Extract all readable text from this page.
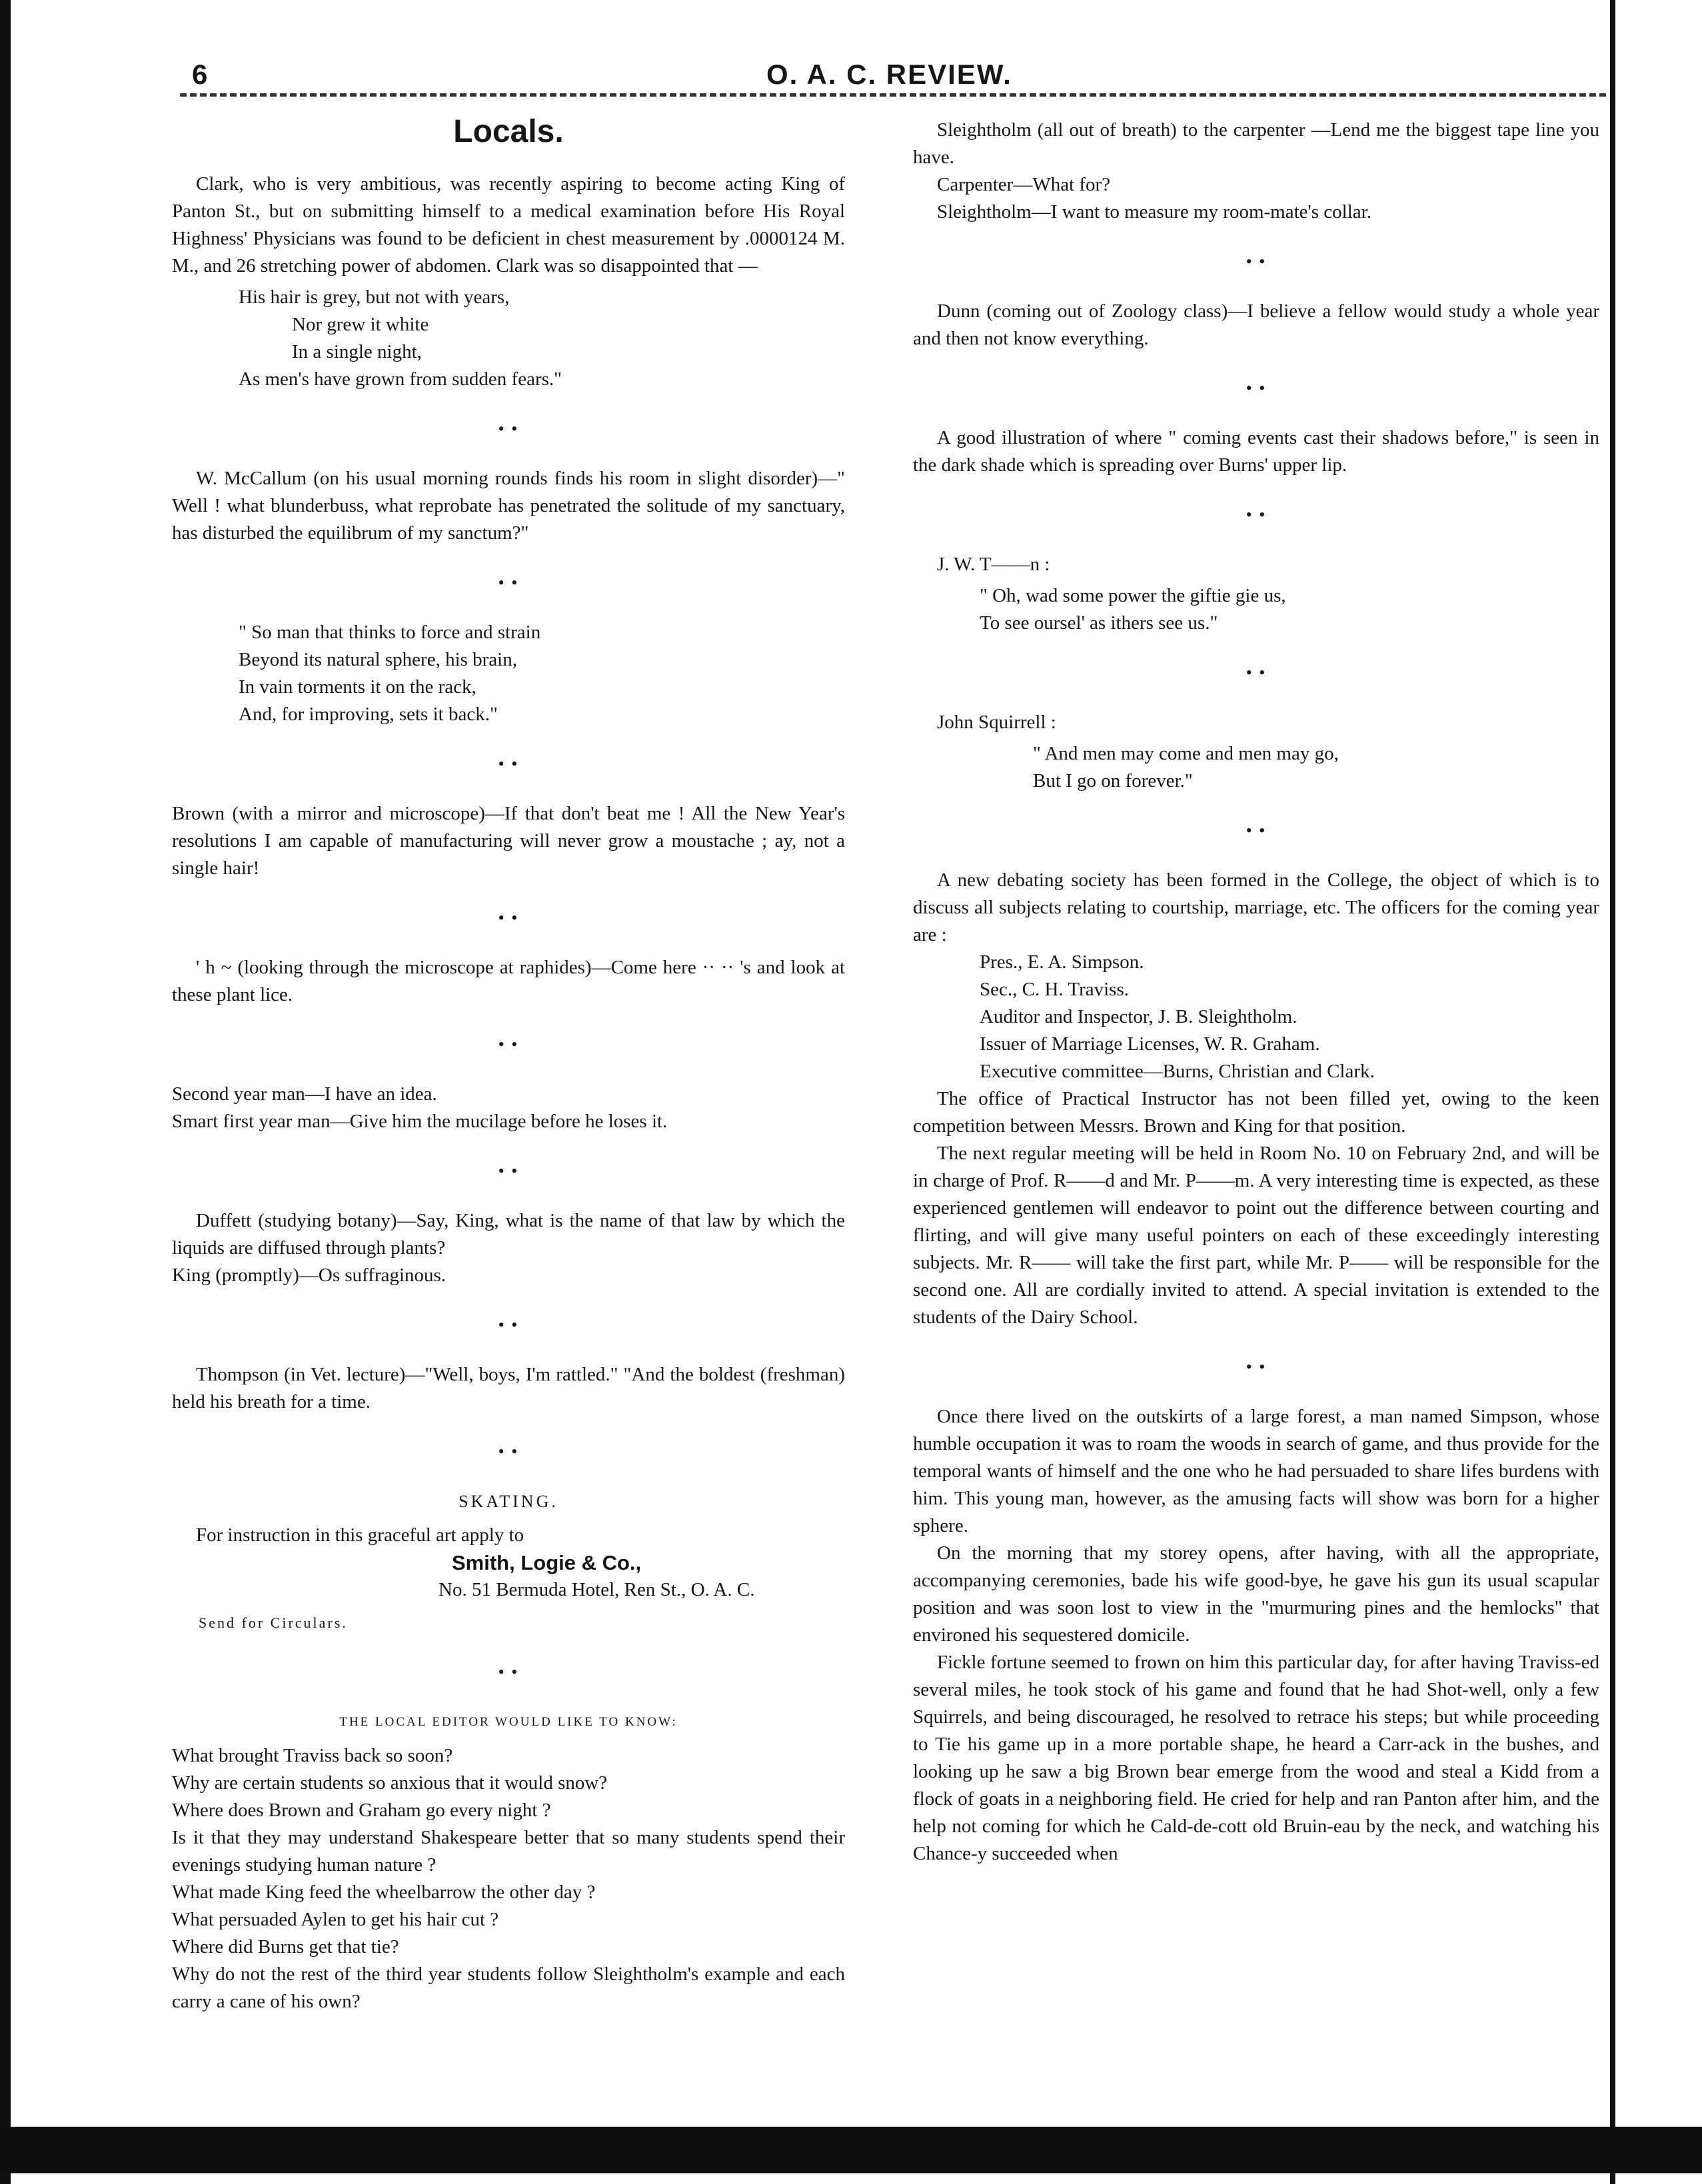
6	O. A. C. REVIEW.
Locals.

Clark, who is very ambitious, was recently aspiring to become acting King of Panton St., but on submitting himself to a medical examination before His Royal Highness' Physicians was found to be deficient in chest measurement by .0000124 M. M., and 26 stretching power of abdomen. Clark was so disappointed that —

His hair is grey, but not with years,
Nor grew it white
In a single night,
As men's have grown from sudden fears."
• •

W. McCallum (on his usual morning rounds finds his room in slight disorder)—" Well ! what blunderbuss, what reprobate has penetrated the solitude of my sanctuary, has disturbed the equilibrum of my sanctum?"

• •
" So man that thinks to force and strain
Beyond its natural sphere, his brain,
In vain torments it on the rack,
And, for improving, sets it back."
• •

Brown (with a mirror and microscope)—If that don't beat me ! All the New Year's resolutions I am capable of manufacturing will never grow a moustache ; ay, not a single hair!

• •

' h ~ (looking through the microscope at raphides)—Come here ·· ·· 's and look at these plant lice.

• •

Second year man—I have an idea.

Smart first year man—Give him the mucilage before he loses it.

• •

Duffett (studying botany)—Say, King, what is the name of that law by which the liquids are diffused through plants?

King (promptly)—Os suffraginous.

• •

Thompson (in Vet. lecture)—"Well, boys, I'm rattled." "And the boldest (freshman) held his breath for a time.

• •
SKATING.

For instruction in this graceful art apply to

Smith, Logie & Co.,
No. 51 Bermuda Hotel, Ren St., O. A. C.
Send for Circulars.
• •
THE LOCAL EDITOR WOULD LIKE TO KNOW:

What brought Traviss back so soon?

Why are certain students so anxious that it would snow?

Where does Brown and Graham go every night ?

Is it that they may understand Shakespeare better that so many students spend their evenings studying human nature ?

What made King feed the wheelbarrow the other day ?

What persuaded Aylen to get his hair cut ?

Where did Burns get that tie?

Why do not the rest of the third year students follow Sleightholm's example and each carry a cane of his own?

Sleightholm (all out of breath) to the carpenter —Lend me the biggest tape line you have.

Carpenter—What for?

Sleightholm—I want to measure my room-mate's collar.

• •

Dunn (coming out of Zoology class)—I believe a fellow would study a whole year and then not know everything.

• •

A good illustration of where " coming events cast their shadows before," is seen in the dark shade which is spreading over Burns' upper lip.

• •

J. W. T——n :

" Oh, wad some power the giftie gie us,
To see oursel' as ithers see us."
• •

John Squirrell :

" And men may come and men may go,
But I go on forever."
• •

A new debating society has been formed in the College, the object of which is to discuss all subjects relating to courtship, marriage, etc. The officers for the coming year are :

Pres., E. A. Simpson.
Sec., C. H. Traviss.
Auditor and Inspector, J. B. Sleightholm.
Issuer of Marriage Licenses, W. R. Graham.
Executive committee—Burns, Christian and Clark.

The office of Practical Instructor has not been filled yet, owing to the keen competition between Messrs. Brown and King for that position.

The next regular meeting will be held in Room No. 10 on February 2nd, and will be in charge of Prof. R——d and Mr. P——m. A very interesting time is expected, as these experienced gentlemen will endeavor to point out the difference between courting and flirting, and will give many useful pointers on each of these exceedingly interesting subjects. Mr. R—— will take the first part, while Mr. P—— will be responsible for the second one. All are cordially invited to attend. A special invitation is extended to the students of the Dairy School.

• •

Once there lived on the outskirts of a large forest, a man named Simpson, whose humble occupation it was to roam the woods in search of game, and thus provide for the temporal wants of himself and the one who he had persuaded to share lifes burdens with him. This young man, however, as the amusing facts will show was born for a higher sphere.

On the morning that my storey opens, after having, with all the appropriate, accompanying ceremonies, bade his wife good-bye, he gave his gun its usual scapular position and was soon lost to view in the "murmuring pines and the hemlocks" that environed his sequestered domicile.

Fickle fortune seemed to frown on him this particular day, for after having Traviss-ed several miles, he took stock of his game and found that he had Shot-well, only a few Squirrels, and being discouraged, he resolved to retrace his steps; but while proceeding to Tie his game up in a more portable shape, he heard a Carr-ack in the bushes, and looking up he saw a big Brown bear emerge from the wood and steal a Kidd from a flock of goats in a neighboring field. He cried for help and ran Panton after him, and the help not coming for which he Cald-de-cott old Bruin-eau by the neck, and watching his Chance-y succeeded when
